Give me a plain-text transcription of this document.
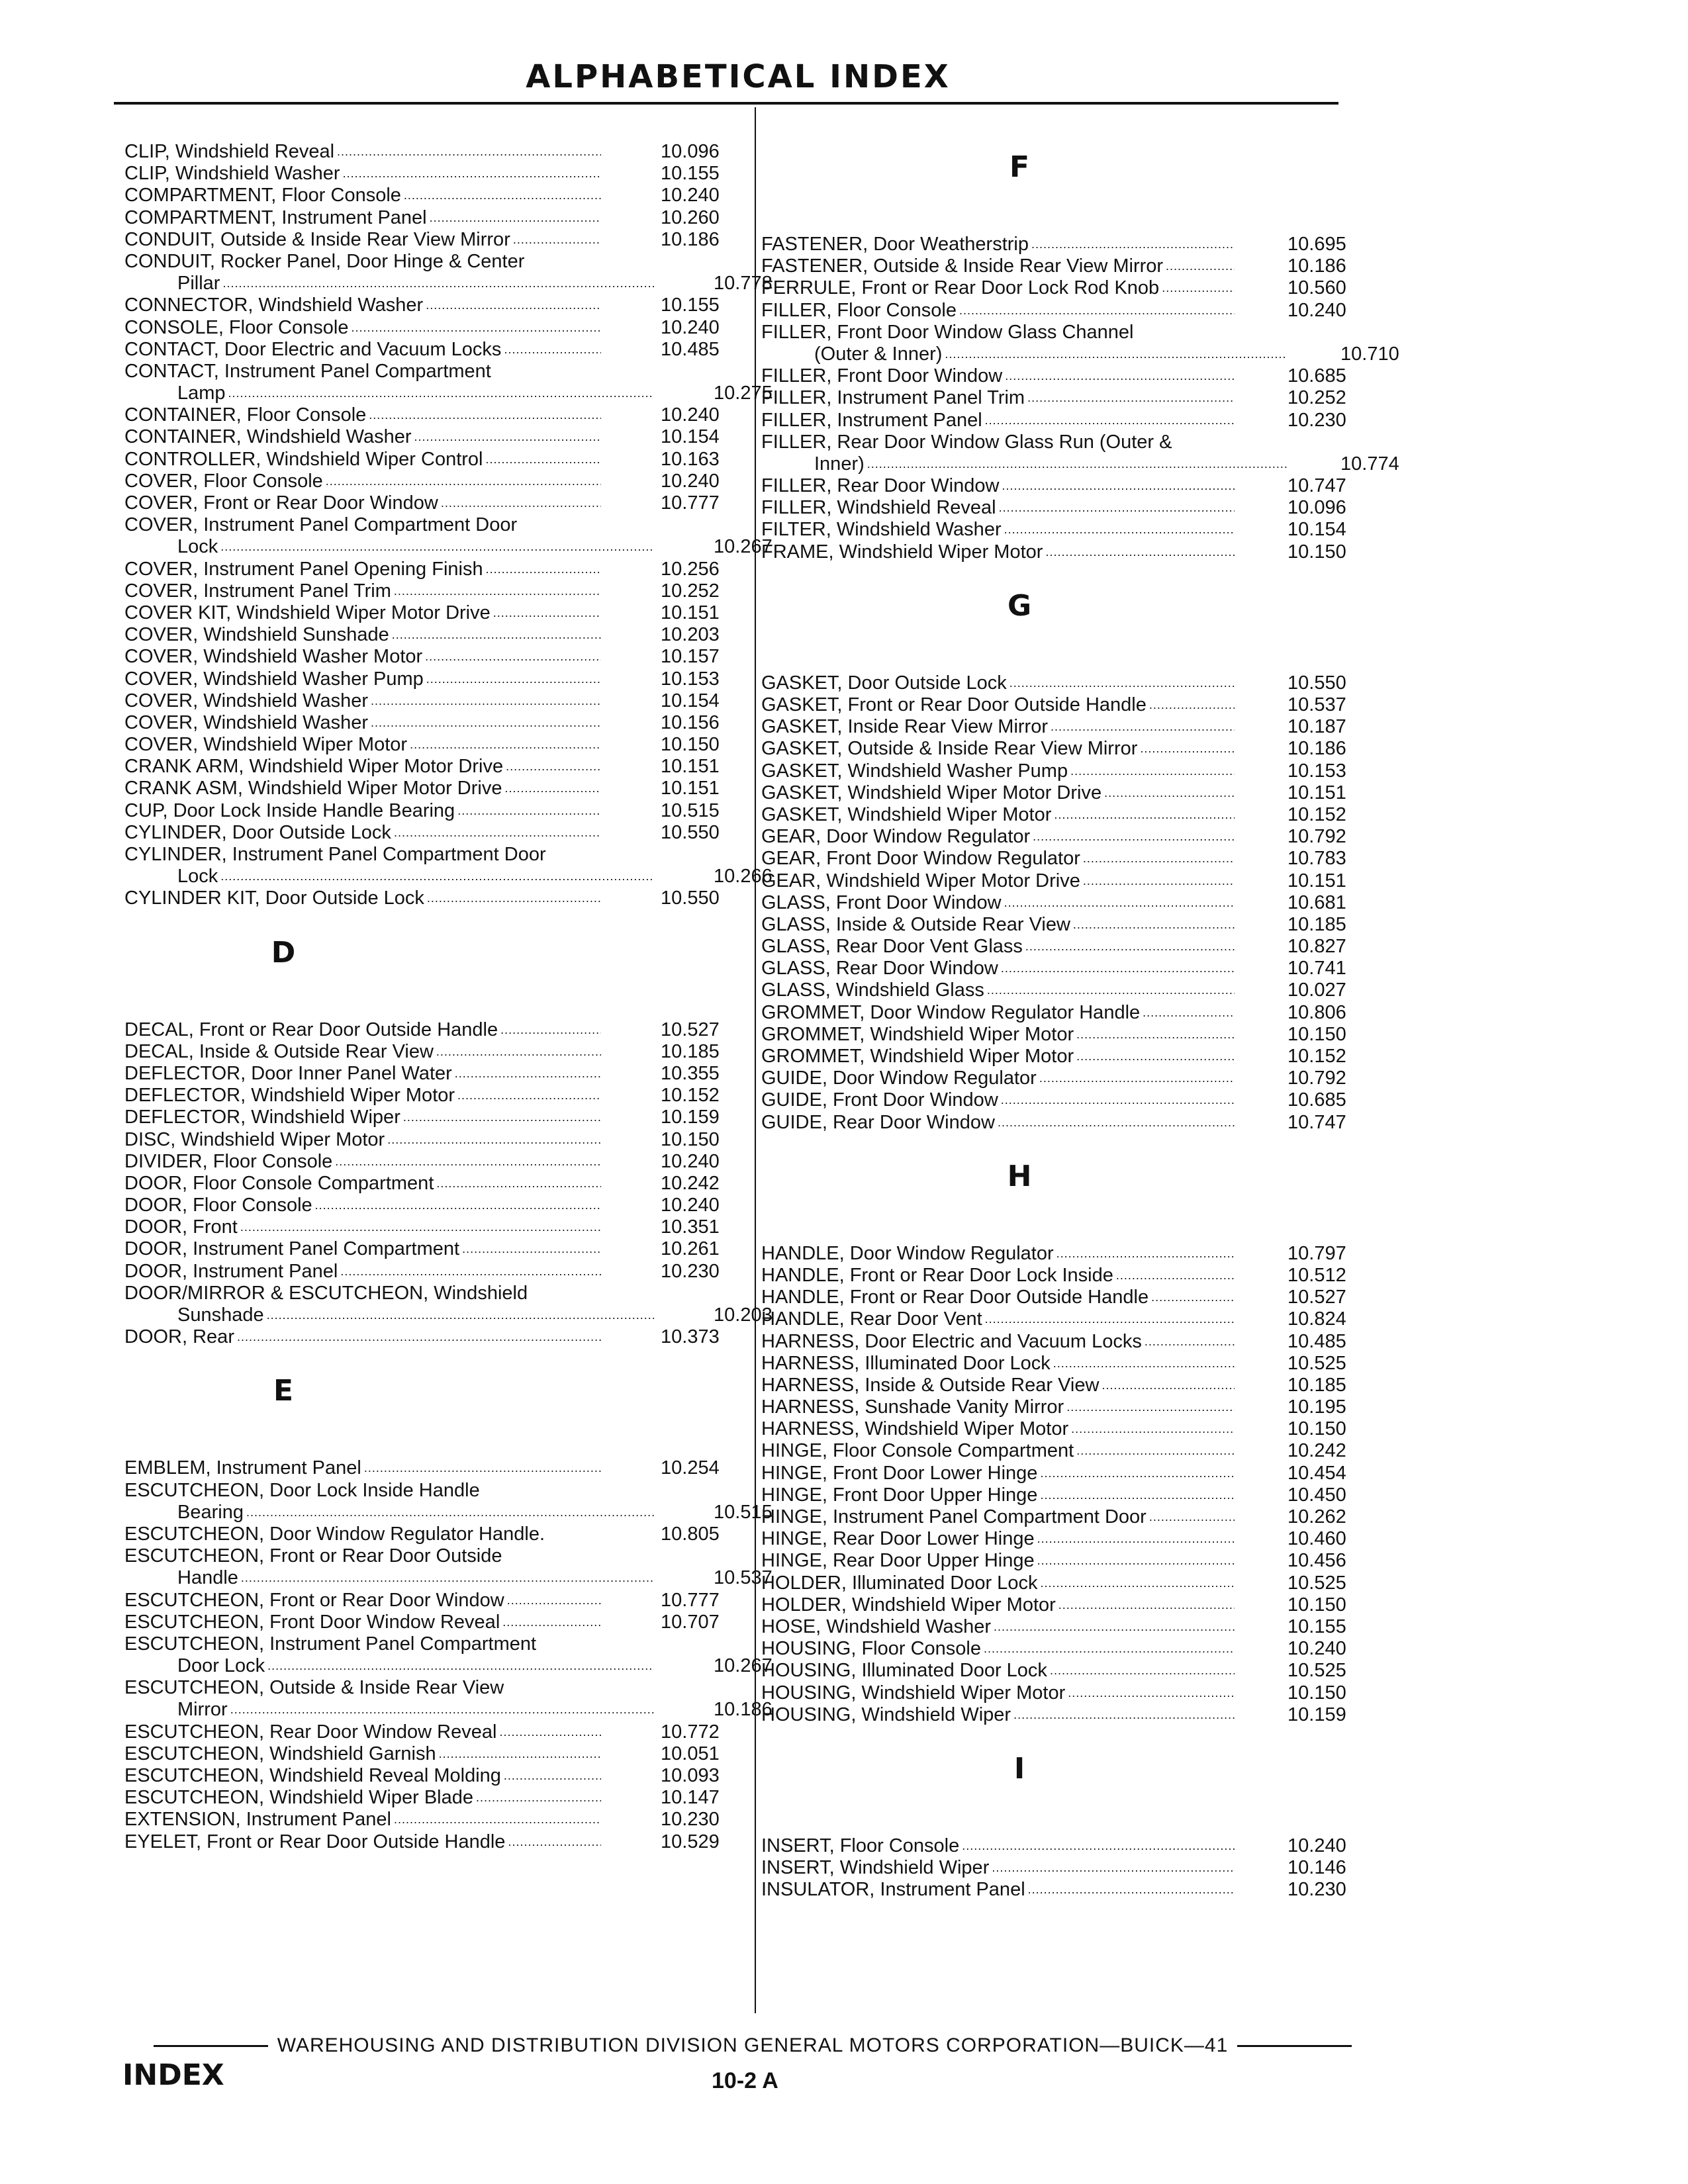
ALPHABETICAL INDEX
CLIP, Windshield Reveal .....	10.096
CLIP, Windshield Washer .....	10.155
COMPARTMENT, Floor Console .....	10.240
COMPARTMENT, Instrument Panel .....	10.260
CONDUIT, Outside & Inside Rear View Mirror .....	10.186
CONDUIT, Rocker Panel, Door Hinge & Center
Pillar .....	10.778
CONNECTOR, Windshield Washer .....	10.155
CONSOLE, Floor Console .....	10.240
CONTACT, Door Electric and Vacuum Locks .....	10.485
CONTACT, Instrument Panel Compartment
Lamp .....	10.275
CONTAINER, Floor Console .....	10.240
CONTAINER, Windshield Washer .....	10.154
CONTROLLER, Windshield Wiper Control .....	10.163
COVER, Floor Console .....	10.240
COVER, Front or Rear Door Window .....	10.777
COVER, Instrument Panel Compartment Door
Lock .....	10.267
COVER, Instrument Panel Opening Finish .....	10.256
COVER, Instrument Panel Trim .....	10.252
COVER KIT, Windshield Wiper Motor Drive .....	10.151
COVER, Windshield Sunshade .....	10.203
COVER, Windshield Washer Motor .....	10.157
COVER, Windshield Washer Pump .....	10.153
COVER, Windshield Washer .....	10.154
COVER, Windshield Washer .....	10.156
COVER, Windshield Wiper Motor .....	10.150
CRANK ARM, Windshield Wiper Motor Drive .....	10.151
CRANK ASM, Windshield Wiper Motor Drive .....	10.151
CUP, Door Lock Inside Handle Bearing .....	10.515
CYLINDER, Door Outside Lock .....	10.550
CYLINDER, Instrument Panel Compartment Door
Lock .....	10.266
CYLINDER KIT, Door Outside Lock .....	10.550
D
DECAL, Front or Rear Door Outside Handle .....	10.527
DECAL, Inside & Outside Rear View .....	10.185
DEFLECTOR, Door Inner Panel Water .....	10.355
DEFLECTOR, Windshield Wiper Motor .....	10.152
DEFLECTOR, Windshield Wiper .....	10.159
DISC, Windshield Wiper Motor .....	10.150
DIVIDER, Floor Console .....	10.240
DOOR, Floor Console Compartment .....	10.242
DOOR, Floor Console .....	10.240
DOOR, Front .....	10.351
DOOR, Instrument Panel Compartment .....	10.261
DOOR, Instrument Panel .....	10.230
DOOR/MIRROR & ESCUTCHEON, Windshield
Sunshade .....	10.203
DOOR, Rear .....	10.373
E
EMBLEM, Instrument Panel .....	10.254
ESCUTCHEON, Door Lock Inside Handle
Bearing .....	10.515
ESCUTCHEON, Door Window Regulator Handle.	10.805
ESCUTCHEON, Front or Rear Door Outside
Handle .....	10.537
ESCUTCHEON, Front or Rear Door Window .....	10.777
ESCUTCHEON, Front Door Window Reveal .....	10.707
ESCUTCHEON, Instrument Panel Compartment
Door Lock .....	10.267
ESCUTCHEON, Outside & Inside Rear View
Mirror .....	10.186
ESCUTCHEON, Rear Door Window Reveal .....	10.772
ESCUTCHEON, Windshield Garnish .....	10.051
ESCUTCHEON, Windshield Reveal Molding .....	10.093
ESCUTCHEON, Windshield Wiper Blade .....	10.147
EXTENSION, Instrument Panel .....	10.230
EYELET, Front or Rear Door Outside Handle .....	10.529
F
FASTENER, Door Weatherstrip .....	10.695
FASTENER, Outside & Inside Rear View Mirror .....	10.186
FERRULE, Front or Rear Door Lock Rod Knob .....	10.560
FILLER, Floor Console .....	10.240
FILLER, Front Door Window Glass Channel
(Outer & Inner) .....	10.710
FILLER, Front Door Window .....	10.685
FILLER, Instrument Panel Trim .....	10.252
FILLER, Instrument Panel .....	10.230
FILLER, Rear Door Window Glass Run (Outer &
Inner) .....	10.774
FILLER, Rear Door Window .....	10.747
FILLER, Windshield Reveal .....	10.096
FILTER, Windshield Washer .....	10.154
FRAME, Windshield Wiper Motor .....	10.150
G
GASKET, Door Outside Lock .....	10.550
GASKET, Front or Rear Door Outside Handle .....	10.537
GASKET, Inside Rear View Mirror .....	10.187
GASKET, Outside & Inside Rear View Mirror .....	10.186
GASKET, Windshield Washer Pump .....	10.153
GASKET, Windshield Wiper Motor Drive .....	10.151
GASKET, Windshield Wiper Motor .....	10.152
GEAR, Door Window Regulator .....	10.792
GEAR, Front Door Window Regulator .....	10.783
GEAR, Windshield Wiper Motor Drive .....	10.151
GLASS, Front Door Window .....	10.681
GLASS, Inside & Outside Rear View .....	10.185
GLASS, Rear Door Vent Glass .....	10.827
GLASS, Rear Door Window .....	10.741
GLASS, Windshield Glass .....	10.027
GROMMET, Door Window Regulator Handle .....	10.806
GROMMET, Windshield Wiper Motor .....	10.150
GROMMET, Windshield Wiper Motor .....	10.152
GUIDE, Door Window Regulator .....	10.792
GUIDE, Front Door Window .....	10.685
GUIDE, Rear Door Window .....	10.747
H
HANDLE, Door Window Regulator .....	10.797
HANDLE, Front or Rear Door Lock Inside .....	10.512
HANDLE, Front or Rear Door Outside Handle .....	10.527
HANDLE, Rear Door Vent .....	10.824
HARNESS, Door Electric and Vacuum Locks .....	10.485
HARNESS, Illuminated Door Lock .....	10.525
HARNESS, Inside & Outside Rear View .....	10.185
HARNESS, Sunshade Vanity Mirror .....	10.195
HARNESS, Windshield Wiper Motor .....	10.150
HINGE, Floor Console Compartment .....	10.242
HINGE, Front Door Lower Hinge .....	10.454
HINGE, Front Door Upper Hinge .....	10.450
HINGE, Instrument Panel Compartment Door .....	10.262
HINGE, Rear Door Lower Hinge .....	10.460
HINGE, Rear Door Upper Hinge .....	10.456
HOLDER, Illuminated Door Lock .....	10.525
HOLDER, Windshield Wiper Motor .....	10.150
HOSE, Windshield Washer .....	10.155
HOUSING, Floor Console .....	10.240
HOUSING, Illuminated Door Lock .....	10.525
HOUSING, Windshield Wiper Motor .....	10.150
HOUSING, Windshield Wiper .....	10.159
I
INSERT, Floor Console .....	10.240
INSERT, Windshield Wiper .....	10.146
INSULATOR, Instrument Panel .....	10.230
WAREHOUSING AND DISTRIBUTION DIVISION GENERAL MOTORS CORPORATION—BUICK—41
INDEX	10-2 A
